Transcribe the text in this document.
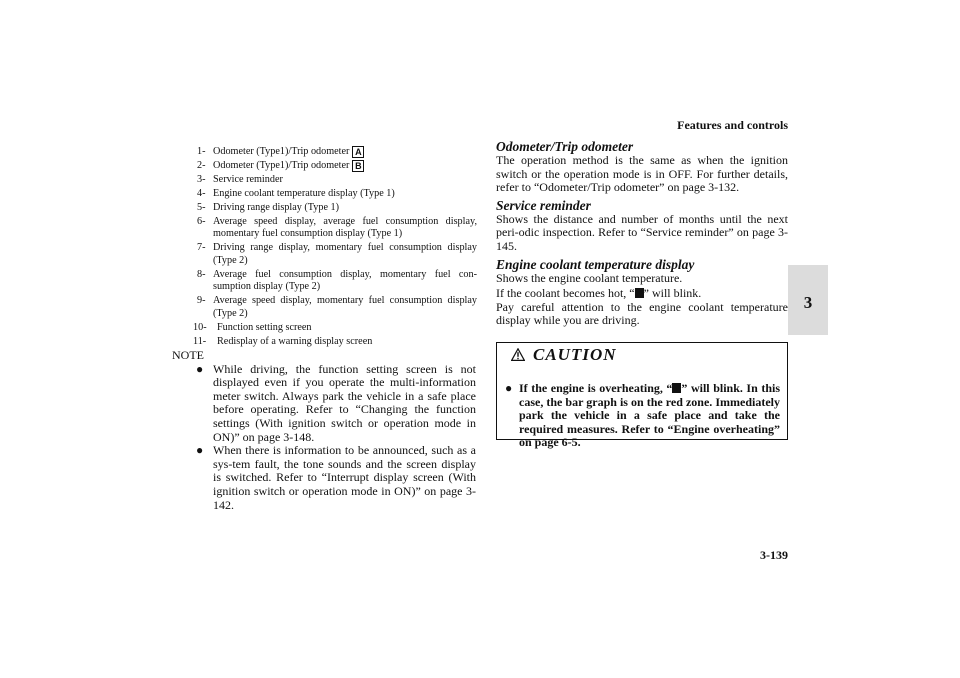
Features and controls
3
1- Odometer (Type1)/Trip odometer A
2- Odometer (Type1)/Trip odometer B
3- Service reminder
4- Engine coolant temperature display (Type 1)
5- Driving range display (Type 1)
6- Average speed display, average fuel consumption display, momentary fuel consumption display (Type 1)
7- Driving range display, momentary fuel consumption display (Type 2)
8- Average fuel consumption display, momentary fuel con-sumption display (Type 2)
9- Average speed display, momentary fuel consumption display (Type 2)
10- Function setting screen
11- Redisplay of a warning display screen
NOTE
● While driving, the function setting screen is not displayed even if you operate the multi-information meter switch. Always park the vehicle in a safe place before operating. Refer to “Changing the function settings (With ignition switch or operation mode in ON)” on page 3-148.
● When there is information to be announced, such as a sys-tem fault, the tone sounds and the screen display is switched. Refer to “Interrupt display screen (With ignition switch or operation mode in ON)” on page 3-142.
Odometer/Trip odometer
The operation method is the same as when the ignition switch or the operation mode is in OFF. For further details, refer to “Odometer/Trip odometer” on page 3-132.
Service reminder
Shows the distance and number of months until the next peri-odic inspection. Refer to “Service reminder” on page 3-145.
Engine coolant temperature display
Shows the engine coolant temperature.
If the coolant becomes hot, “ ” will blink.
Pay careful attention to the engine coolant temperature display while you are driving.
CAUTION
● If the engine is overheating, “ ” will blink. In this case, the bar graph is on the red zone. Immediately park the vehicle in a safe place and take the required measures. Refer to “Engine overheating” on page 6-5.
3-139
